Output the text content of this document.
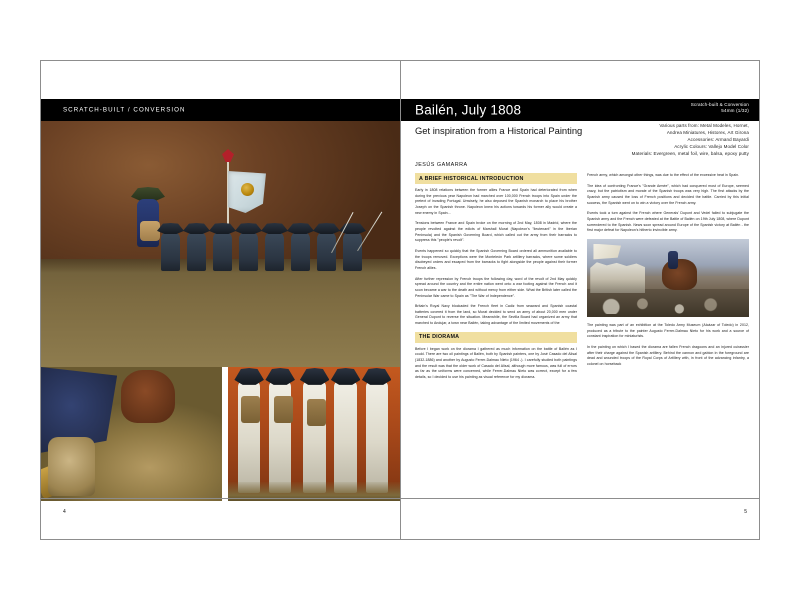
SCRATCH-BUILT / CONVERSION
4
Bailén, July 1808	Scratch-built & Conversion
54mm (1/32)
Get inspiration from a Historical Painting	Various parts from: Metal Modeles, Hornet,
Andrea Miniatures, Historex, Art Girona
Accessories: Armand Bayardi
Acrylic Colours: Vallejo Model Color
Materials: Evergreen, metal foil, wire, balsa, epoxy putty
JESÚS GAMARRA
A BRIEF HISTORICAL INTRODUCTION

Early in 1808 relations between the former allies France and Spain had deteriorated from when during the previous year Napoleon had marched over 100,000 French troops into Spain under the pretext of invading Portugal. Unwisely, he also deposed the Spanish monarch to place his brother Joseph on the Spanish throne. Napoleon knew his actions towards his former ally would create a new enemy in Spain...

Tensions between France and Spain broke on the morning of 2nd May, 1808 in Madrid, where the people revolted against the edicts of Marshall Murat (Napoleon's "lieutenant" in the Iberian Peninsula) and the Spanish Governing Board, which called out the army from their barracks to suppress this "people's revolt".

Events happened so quickly that the Spanish Governing Board ordered all ammunition available to the troops removed. Exceptions were the Monteleón Park artillery barracks, where some soldiers disobeyed orders and escaped from the barracks to fight alongside the people against their former French allies.

After further repression by French troops the following day, word of the revolt of 2nd May quickly spread around the country and the entire nation went onto a war footing against the French and it soon became a war to the death and without mercy from either side. What the British later called the Peninsular War came to Spain as "The War of Independence".

Britain's Royal Navy blockaded the French fleet in Cadiz from seaward and Spanish coastal batteries covered it from the land, so Murat decided to send an army of about 20,000 men under General Dupont to reverse the situation. Meanwhile, the Sevilla Board had organized an army that marched to Andujar, a town near Bailén, taking advantage of the limited movements of the

THE DIORAMA

Before I began work on the diorama I gathered as much information on the battle of Bailén as I could. There are two oil paintings of Bailén, both by Spanish painters, one by José Casado del Alisal (1832-1886) and another by Augusto Ferrer-Dalmau Nieto (1964 -). I carefully studied both paintings and the result was that the older work of Casado del Alisal, although more famous, was full of errors as far as the uniforms were concerned, while Ferrer-Dalmau Nieto was correct, except for a few details, so I decided to use his painting as visual reference for my diorama.

French army, which amongst other things, was due to the effect of the excessive heat in Spain.

The idea of confronting France's "Grande Armée", which had conquered most of Europe, seemed crazy, but the patriotism and morale of the Spanish troops was very high. The first attacks by the Spanish army caused the loss of French positions and decided the battle. Carried by this initial success, the Spanish went on to win a victory over the French army.

Events took a turn against the French where Generals' Dupont and Vedel failed to subjugate the Spanish army and the French were defeated at the Battle of Bailén on 19th July 1808, where Dupont surrendered to the Spanish. News soon spread around Europe of the Spanish victory at Bailén - the first major defeat for Napoleon's hitherto invincible army.

The painting was part of an exhibition at the Toledo Army Museum (Alcázar of Toledo) in 2012, produced as a tribute to the painter Augusto Ferrer-Dalmau Nieto for his work and a source of constant inspiration for miniaturists.

In the painting on which I based the diorama are fallen French dragoons and an injured cuirassier after their charge against the Spanish artillery. Behind the cannon and gabion in the foreground are dead and wounded troops of the Royal Corps of Artillery with, in front of the advancing infantry, a colonel on horseback

5
